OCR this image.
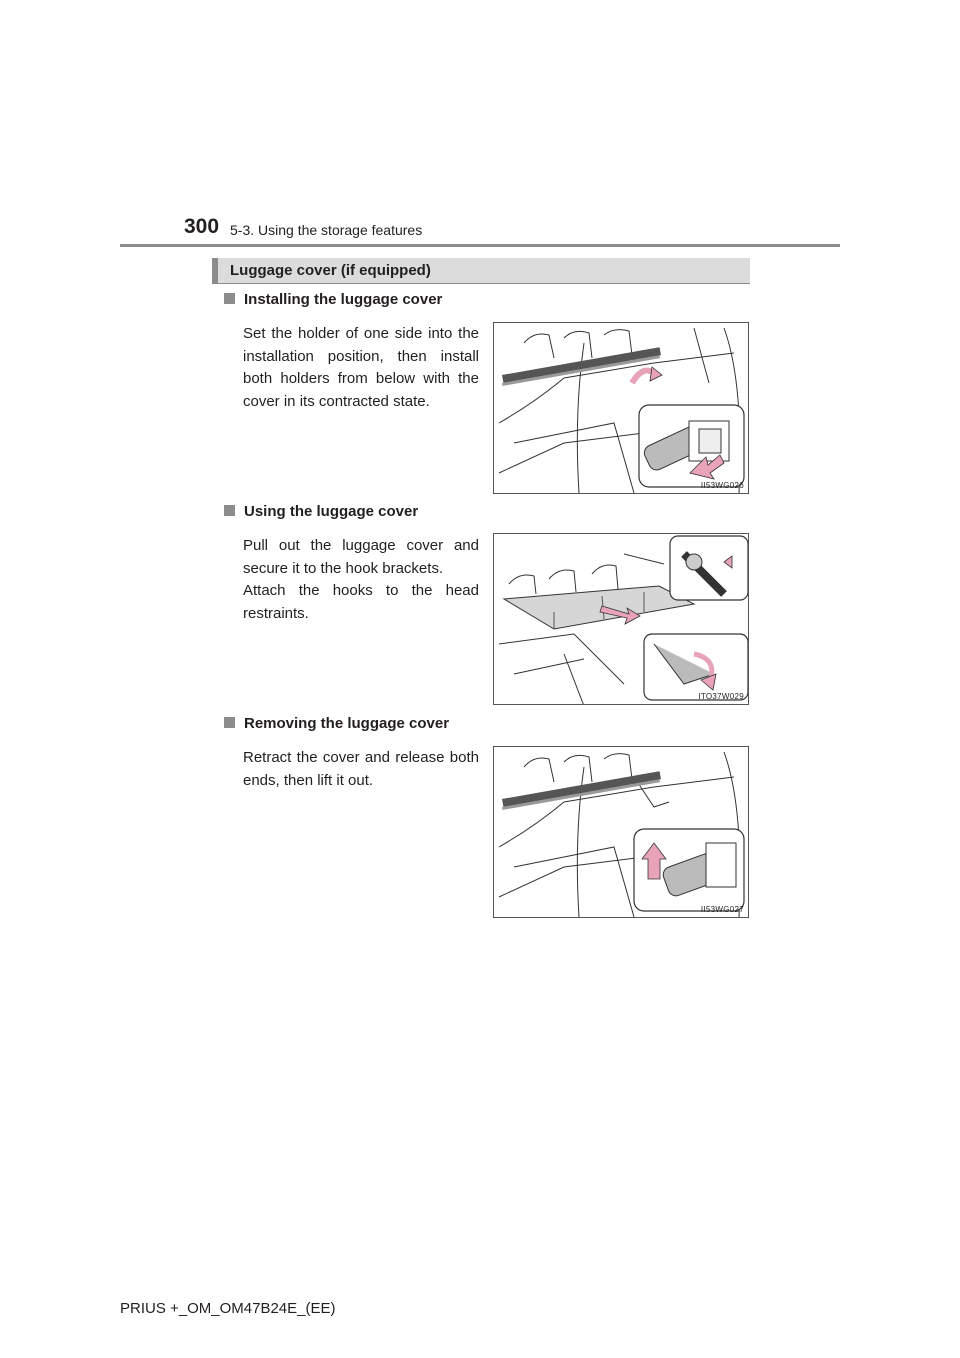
300 5-3. Using the storage features
Luggage cover (if equipped)
Installing the luggage cover
Set the holder of one side into the installation position, then install both holders from below with the cover in its contracted state.
II53WG026
Using the luggage cover
Pull out the luggage cover and secure it to the hook brackets.
Attach the hooks to the head restraints.
ITO37W029
Removing the luggage cover
Retract the cover and release both ends, then lift it out.
II53WG027
PRIUS +_OM_OM47B24E_(EE)
